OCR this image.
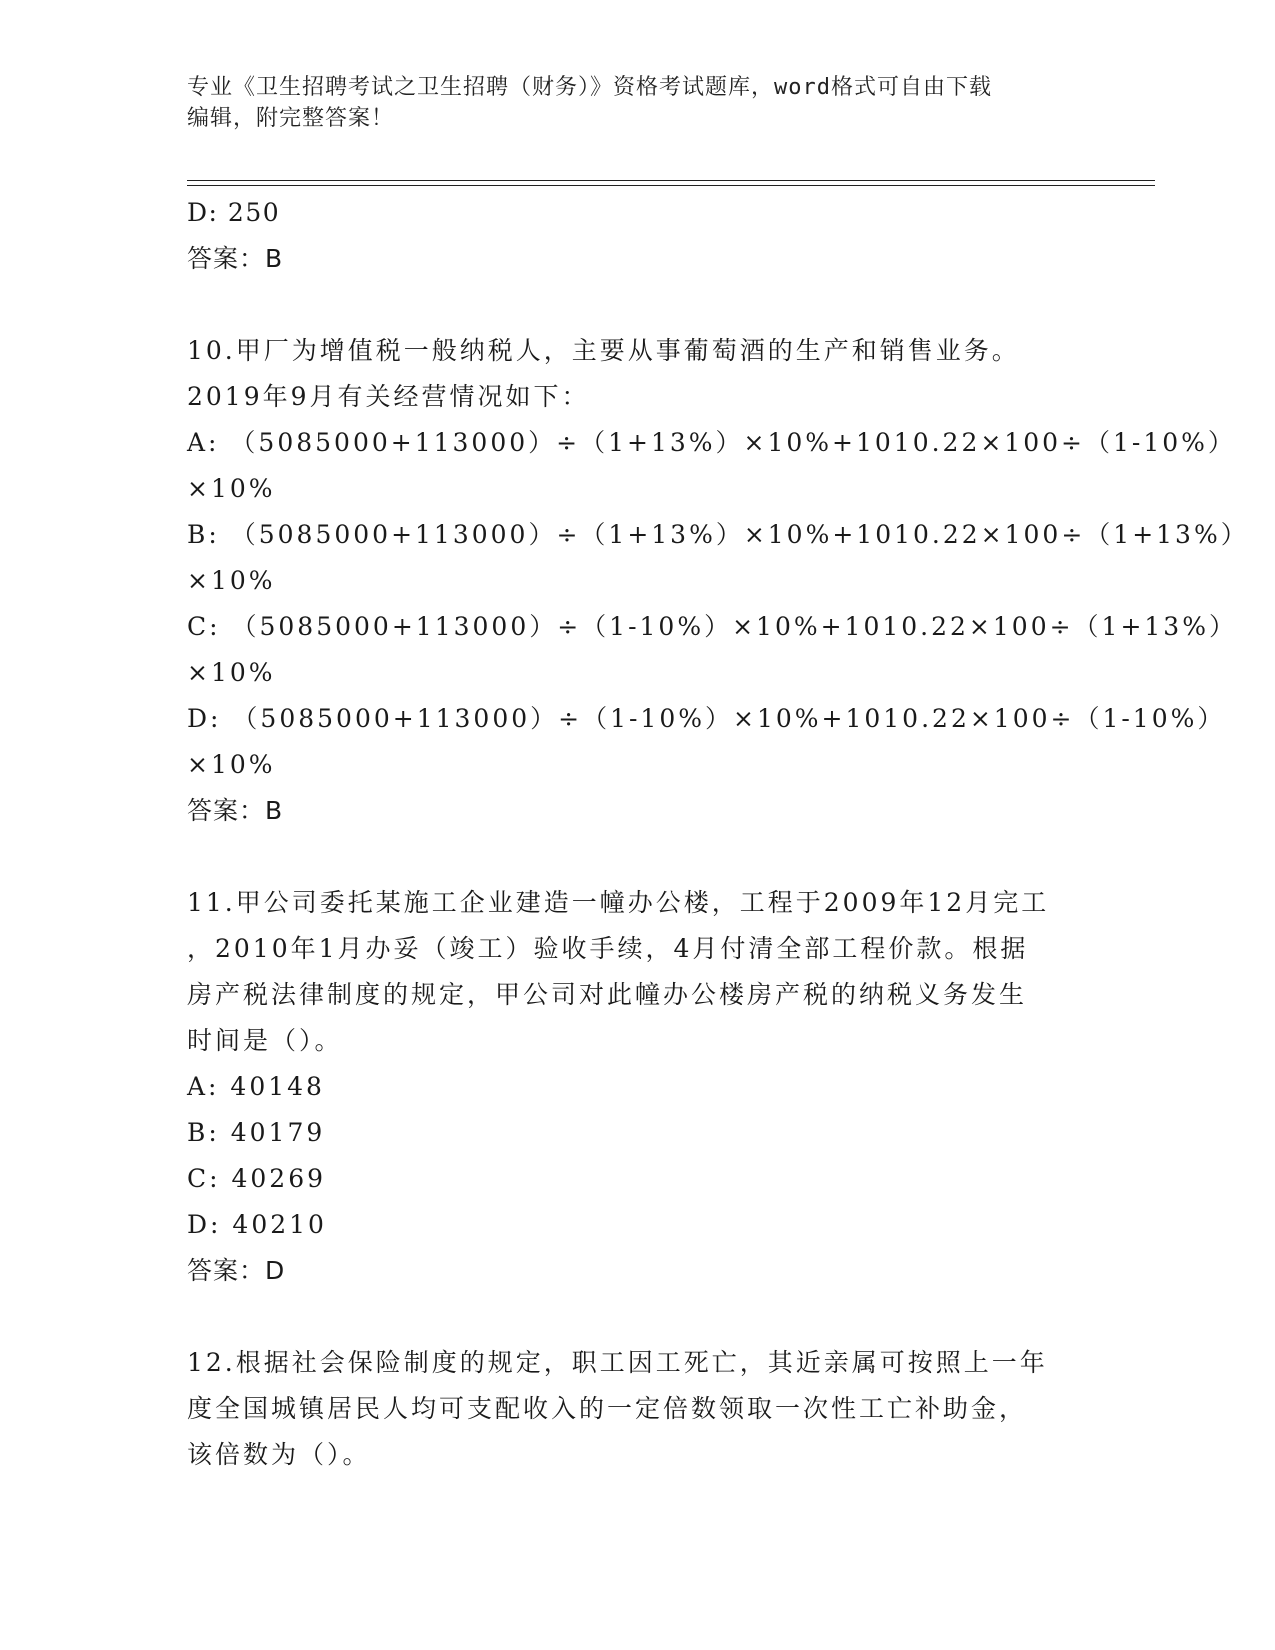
专业《卫生招聘考试之卫生招聘（财务）》资格考试题库，word格式可自由下载
编辑，附完整答案！
D: 250
答案：B
10.甲厂为增值税一般纳税人，主要从事葡萄酒的生产和销售业务。
2019年9月有关经营情况如下：
A: （5085000+113000）÷（1+13%）×10%+1010.22×100÷（1-10%）
×10%
B: （5085000+113000）÷（1+13%）×10%+1010.22×100÷（1+13%）
×10%
C: （5085000+113000）÷（1-10%）×10%+1010.22×100÷（1+13%）
×10%
D: （5085000+113000）÷（1-10%）×10%+1010.22×100÷（1-10%）
×10%
答案：B
11.甲公司委托某施工企业建造一幢办公楼，工程于2009年12月完工
，2010年1月办妥（竣工）验收手续，4月付清全部工程价款。根据
房产税法律制度的规定，甲公司对此幢办公楼房产税的纳税义务发生
时间是（）。
A: 40148
B: 40179
C: 40269
D: 40210
答案：D
12.根据社会保险制度的规定，职工因工死亡，其近亲属可按照上一年
度全国城镇居民人均可支配收入的一定倍数领取一次性工亡补助金，
该倍数为（）。
